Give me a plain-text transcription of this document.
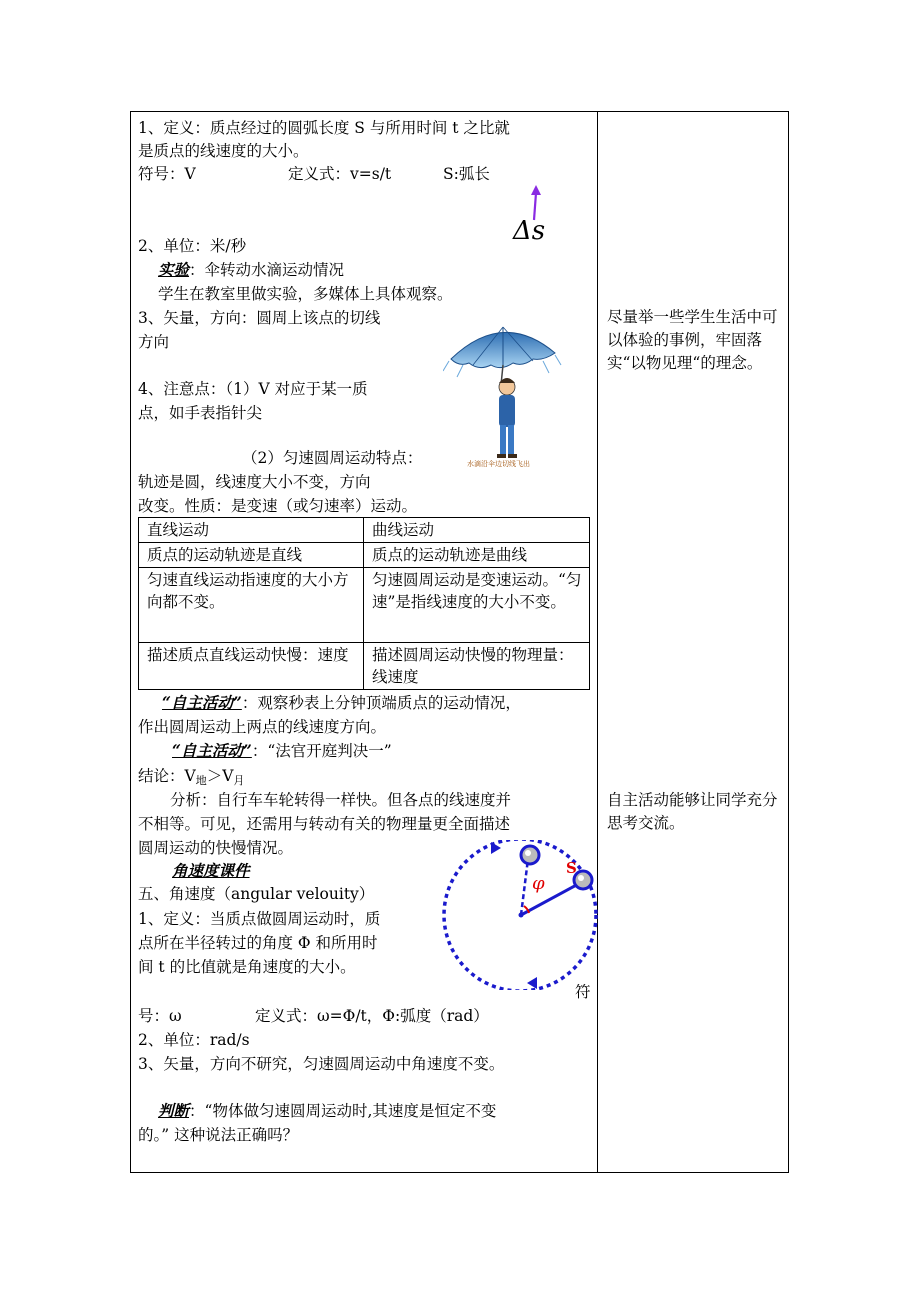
1、定义：质点经过的圆弧长度 S 与所用时间 t 之比就
是质点的线速度的大小。
符号：V	定义式：v=s/t	S:弧长
Δs
2、单位：米/秒
实验：伞转动水滴运动情况
学生在教室里做实验，多媒体上具体观察。
3、矢量，方向：圆周上该点的切线
方向
4、注意点：（1）V 对应于某一质
点，如手表指针尖
（2）匀速圆周运动特点：
轨迹是圆，线速度大小不变，方向
改变。性质：是变速（或匀速率）运动。
水滴沿伞边切线飞出
直线运动	曲线运动
质点的运动轨迹是直线	质点的运动轨迹是曲线
匀速直线运动指速度的大小方向都不变。	匀速圆周运动是变速运动。“匀速”是指线速度的大小不变。
描述质点直线运动快慢：速度	描述圆周运动快慢的物理量：线速度
“自主活动”：观察秒表上分钟顶端质点的运动情况，
作出圆周运动上两点的线速度方向。
“自主活动”：“法官开庭判决一”
结论：$V_地>V_月$
分析：自行车车轮转得一样快。但各点的线速度并
不相等。可见，还需用与转动有关的物理量更全面描述
圆周运动的快慢情况。
角速度课件
五、角速度（angular velouity）
1、定义：当质点做圆周运动时，质
点所在半径转过的角度 Φ 和所用时
间 t 的比值就是角速度的大小。
符
号：ω	定义式：ω=Φ/t，Φ:弧度（rad）
2、单位：rad/s
3、矢量，方向不研究，匀速圆周运动中角速度不变。
判断：“物体做匀速圆周运动时,其速度是恒定不变
的。” 这种说法正确吗？
φ
S
尽量举一些学生生活中可以体验的事例，牢固落实“以物见理“的理念。
自主活动能够让同学充分思考交流。
